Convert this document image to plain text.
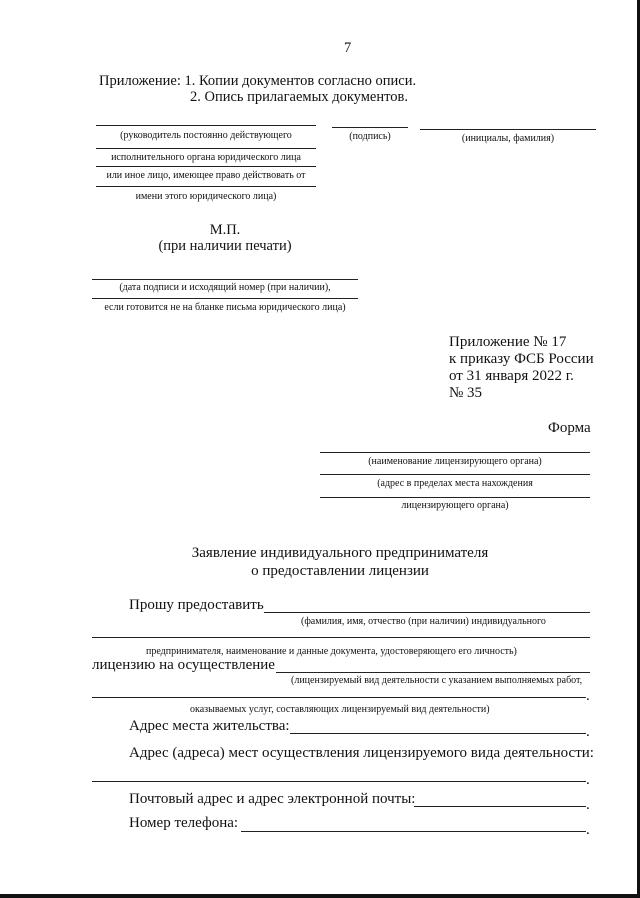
7
Приложение: 1. Копии документов согласно описи.
2. Опись прилагаемых документов.
(руководитель постоянно действующего	(подпись)	(инициалы, фамилия)
исполнительного органа юридического лица
или иное лицо, имеющее право действовать от
имени этого юридического лица)
М.П.
(при наличии печати)
(дата подписи и исходящий номер (при наличии),
если готовится не на бланке письма юридического лица)
Приложение № 17
к приказу ФСБ России
от 31 января 2022 г.
№ 35
Форма
(наименование лицензирующего органа)
(адрес в пределах места нахождения
лицензирующего органа)
Заявление индивидуального предпринимателя
о предоставлении лицензии
Прошу предоставить
(фамилия, имя, отчество (при наличии) индивидуального
предпринимателя, наименование и данные документа, удостоверяющего его личность)
лицензию на осуществление
(лицензируемый вид деятельности с указанием выполняемых работ,
.
оказываемых услуг, составляющих лицензируемый вид деятельности)
Адрес места жительства:	.
Адрес (адреса) мест осуществления лицензируемого вида деятельности:
.
Почтовый адрес и адрес электронной почты:	.
Номер телефона:	.
